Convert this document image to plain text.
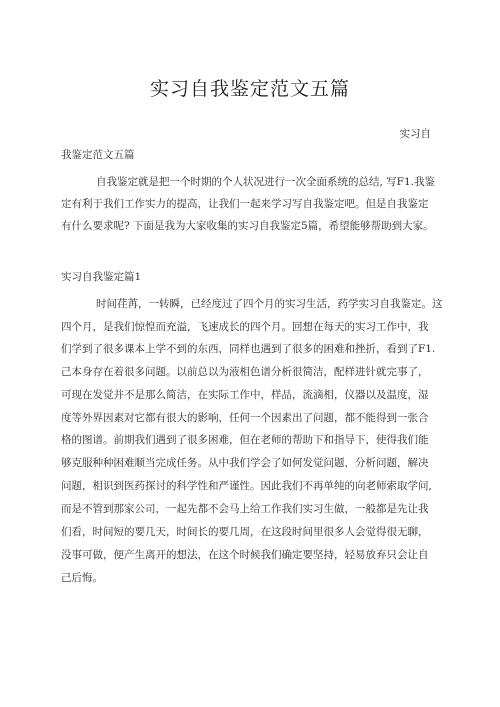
实习自我鉴定范文五篇
实习自
我鉴定范文五篇
自我鉴定就是把一个时期的个人状况进行一次全面系统的总结, 写F1.我鉴
定有利于我们工作实力的提高，让我们一起来学习写自我鉴定吧。但是自我鉴定
有什么要求呢? 下面是我为大家收集的实习自我鉴定5篇，希望能够帮助到大家。
实习自我鉴定篇1
时间荏苒，一转瞬，已经度过了四个月的实习生活，药学实习自我鉴定。这
四个月，是我们惊惶而充溢，飞速成长的四个月。回想在每天的实习工作中，我
们学到了很多课本上学不到的东西，同样也遇到了很多的困难和挫折，看到了F1.
己本身存在着很多问题。以前总以为液相色谱分析很简洁，配样进针就完事了，
可现在发觉并不是那么简洁，在实际工作中，样品，流滴相，仪器以及温度，湿
度等外界因素对它都有很大的影响，任何一个因素出了问题，都不能得到一张合
格的图谱。前期我们遇到了很多困难，但在老师的帮助下和指导下，使得我们能
够克服种种困难顺当完成任务。从中我们学会了如何发觉问题，分析问题，解决
问题，相识到医药探讨的科学性和严谨性。因此我们不再单纯的向老师索取学问,
而是不管到那家公司，一起先都不会马上给工作我们实习生做，一般都是先让我
们看，时间短的要几天，时间长的要几周，在这段时间里很多人会觉得很无聊，
没事可做，便产生离开的想法，在这个时候我们确定要坚持，轻易放弃只会让自
己后悔。
